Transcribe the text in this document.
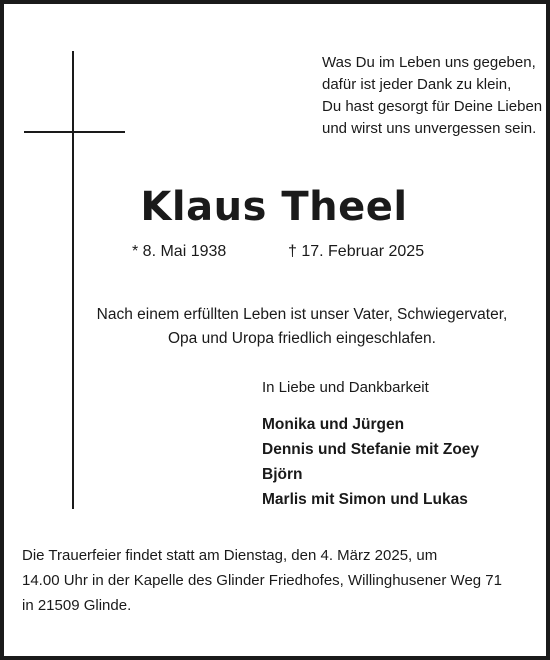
Was Du im Leben uns gegeben,
dafür ist jeder Dank zu klein,
Du hast gesorgt für Deine Lieben
und wirst uns unvergessen sein.
Klaus Theel
* 8. Mai 1938	† 17. Februar 2025
Nach einem erfüllten Leben ist unser Vater, Schwiegervater,
Opa und Uropa friedlich eingeschlafen.
In Liebe und Dankbarkeit
Monika und Jürgen
Dennis und Stefanie mit Zoey
Björn
Marlis mit Simon und Lukas
Die Trauerfeier findet statt am Dienstag, den 4. März 2025, um
14.00 Uhr in der Kapelle des Glinder Friedhofes, Willinghusener Weg 71
in 21509 Glinde.
